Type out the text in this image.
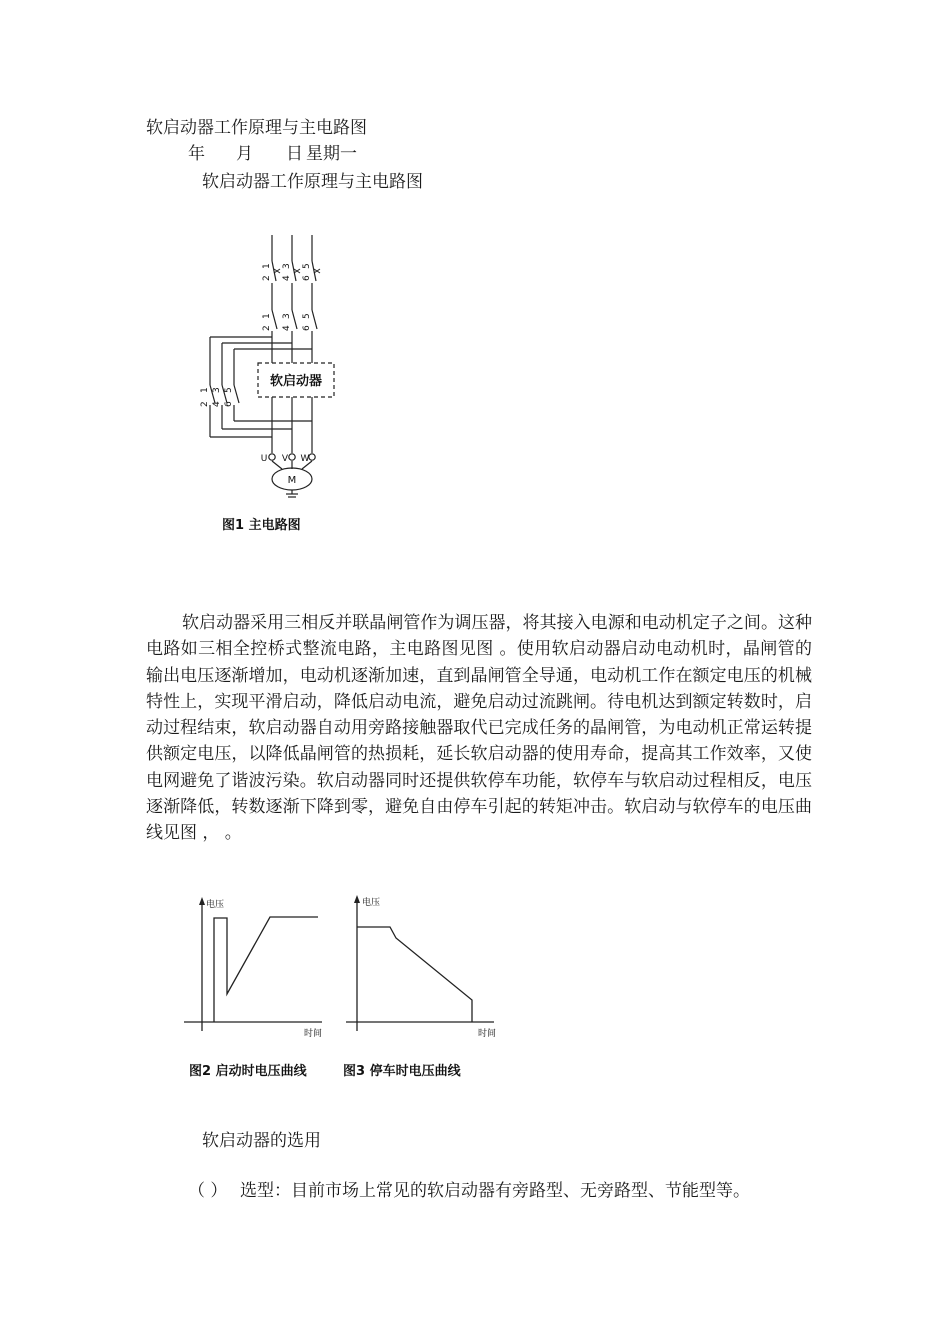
软启动器工作原理与主电路图
年 月 日 星期一
软启动器工作原理与主电路图
软启动器
M
U V W
1
2
3
4
5
6
1
2
3
4
5
6
1
2
3
4
5
6
图1 主电路图
软启动器采用三相反并联晶闸管作为调压器，将其接入电源和电动机定子之间。这种电路如三相全控桥式整流电路，主电路图见图 。使用软启动器启动电动机时，晶闸管的输出电压逐渐增加，电动机逐渐加速，直到晶闸管全导通，电动机工作在额定电压的机械特性上，实现平滑启动，降低启动电流，避免启动过流跳闸。待电机达到额定转数时，启动过程结束，软启动器自动用旁路接触器取代已完成任务的晶闸管，为电动机正常运转提供额定电压，以降低晶闸管的热损耗，延长软启动器的使用寿命，提高其工作效率，又使电网避免了谐波污染。软启动器同时还提供软停车功能，软停车与软启动过程相反，电压逐渐降低，转数逐渐下降到零，避免自由停车引起的转矩冲击。软启动与软停车的电压曲线见图 ， 。
电压
时间
电压
时间
图2 启动时电压曲线	图3 停车时电压曲线
软启动器的选用
（ ） 选型：目前市场上常见的软启动器有旁路型、无旁路型、节能型等。
